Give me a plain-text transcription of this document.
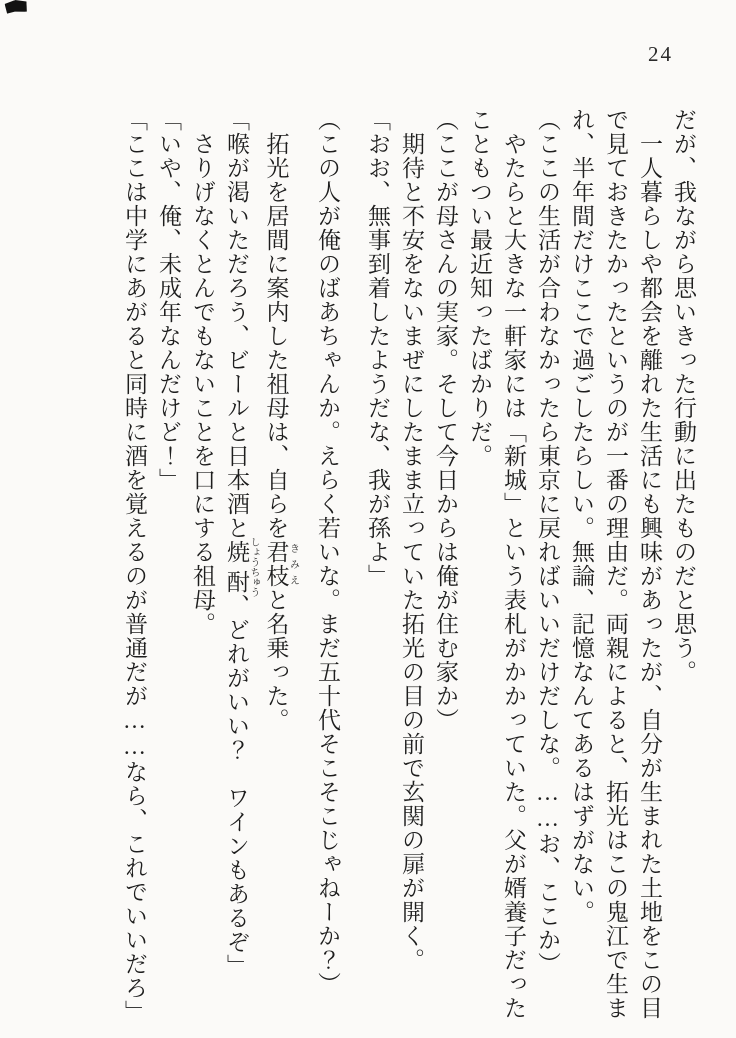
24

だが、我ながら思いきった行動に出たものだと思う。

　一人暮らしや都会を離れた生活にも興味があったが、自分が生まれた土地をこの目で見ておきたかったというのが一番の理由だ。両親によると、拓光はこの鬼江で生まれ、半年間だけここで過ごしたらしい。無論、記憶なんてあるはずがない。

（ここの生活が合わなかったら東京に戻ればいいだけだしな。……お、ここか）

　やたらと大きな一軒家には「新城」という表札がかかっていた。父が婿養子だったこともつい最近知ったばかりだ。

（ここが母さんの実家。そして今日からは俺が住む家か）

　期待と不安をないまぜにしたまま立っていた拓光の目の前で玄関の扉が開く。

「おお、無事到着したようだな、我が孫よ」

（この人が俺のばあちゃんか。えらく若いな。まだ五十代そこそこじゃねーか？）

　拓光を居間に案内した祖母は、自らを君枝 きみえと名乗った。

「喉が渇いただろう、ビールと日本酒と焼酎 しょうちゅう、どれがいい？　ワインもあるぞ」

　さりげなくとんでもないことを口にする祖母。

「いや、俺、未成年なんだけど！」

「ここは中学にあがると同時に酒を覚えるのが普通だが……なら、これでいいだろ」
